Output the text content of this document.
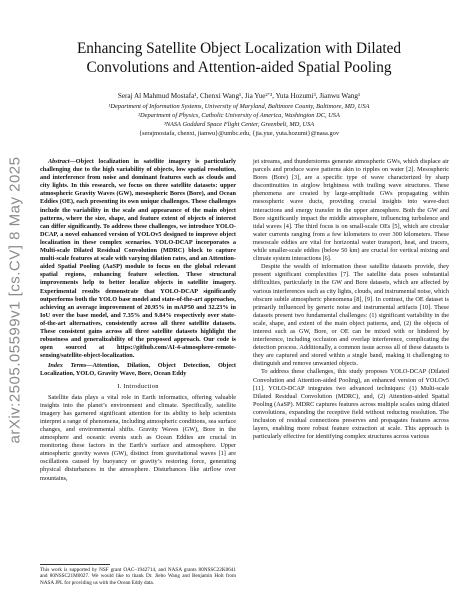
arXiv:2505.05599v1 [cs.CV] 8 May 2025
Enhancing Satellite Object Localization with Dilated Convolutions and Attention-aided Spatial Pooling
Seraj Al Mahmud Mostafa¹, Chenxi Wang¹, Jia Yue²ʼ³, Yuta Hozumi³, Jianwu Wang¹
¹Department of Information Systems, University of Maryland, Baltimore County, Baltimore, MD, USA
²Department of Physics, Catholic University of America, Washington DC, USA
³NASA Goddard Space Flight Center, Greenbelt, MD, USA
{serajmostafa, chenxi, jianwu}@umbc.edu, {jia.yue, yuta.hozumi}@nasa.gov
Abstract—Object localization in satellite imagery is particularly challenging due to the high variability of objects, low spatial resolution, and interference from noise and dominant features such as clouds and city lights. In this research, we focus on three satellite datasets: upper atmospheric Gravity Waves (GW), mesospheric Bores (Bore), and Ocean Eddies (OE), each presenting its own unique challenges. These challenges include the variability in the scale and appearance of the main object patterns, where the size, shape, and feature extent of objects of interest can differ significantly. To address these challenges, we introduce YOLO-DCAP, a novel enhanced version of YOLOv5 designed to improve object localization in these complex scenarios. YOLO-DCAP incorporates a Multi-scale Dilated Residual Convolution (MDRC) block to capture multi-scale features at scale with varying dilation rates, and an Attention-aided Spatial Pooling (AaSP) module to focus on the global relevant spatial regions, enhancing feature selection. These structural improvements help to better localize objects in satellite imagery. Experimental results demonstrate that YOLO-DCAP significantly outperforms both the YOLO base model and state-of-the-art approaches, achieving an average improvement of 20.95% in mAP50 and 32.23% in IoU over the base model, and 7.35% and 9.84% respectively over state-of-the-art alternatives, consistently across all three satellite datasets. These consistent gains across all three satellite datasets highlight the robustness and generalizability of the proposed approach. Our code is open sourced at https://github.com/AI-4-atmosphere-remote-sensing/satellite-object-localization.
Index Terms—Attention, Dilation, Object Detection, Object Localization, YOLO, Gravity Wave, Bore, Ocean Eddy
I. Introduction
Satellite data plays a vital role in Earth informatics, offering valuable insights into the planet’s environment and climate. Specifically, satellite imagery has garnered significant attention for its ability to help scientists interpret a range of phenomena, including atmospheric conditions, sea surface changes, and environmental shifts. Gravity Waves (GW), Bore in the atmosphere and oceanic events such as Ocean Eddies are crucial in monitoring these factors in the Earth’s surface and atmosphere. Upper atmospheric gravity waves (GW), distinct from gravitational waves [1] are oscillations caused by buoyancy or gravity’s restoring force, generating physical disturbances in the atmosphere. Disturbances like airflow over mountains,
This work is supported by NSF grant OAC–1942714, and NASA grants 80NSSC22K0641 and 80NSSC21M0027. We would like to thank Dr. Jiebo Wang and Benjamin Holt from NASA JPL for providing us with the Ocean Eddy data.
jet streams, and thunderstorms generate atmospheric GWs, which displace air parcels and produce wave patterns akin to ripples on water [2]. Mesospheric Bores (Bore) [3], are a specific type of wave characterized by sharp discontinuities in airglow brightness with trailing wave structures. These phenomena are created by large-amplitude GWs propagating within mesospheric wave ducts, providing crucial insights into wave-duct interactions and energy transfer in the upper atmosphere. Both the GW and Bore significantly impact the middle atmosphere, influencing turbulence and tidal waves [4]. The third focus is on small-scale OEs [5], which are circular water currents ranging from a few kilometers to over 300 kilometers. These mesoscale eddies are vital for horizontal water transport, heat, and tracers, while smaller-scale eddies (below 50 km) are crucial for vertical mixing and climate system interactions [6].
Despite the wealth of information these satellite datasets provide, they present significant complexities [7]. The satellite data poses substantial difficulties, particularly in the GW and Bore datasets, which are affected by various interferences such as city lights, clouds, and instrumental noise, which obscure subtle atmospheric phenomena [8], [9]. In contrast, the OE dataset is primarily influenced by generic noise and instrumental artifacts [10]. These datasets present two fundamental challenges: (1) significant variability in the scale, shape, and extent of the main object patterns, and, (2) the objects of interest such as GW, Bore, or OE can be mixed with or hindered by interference, including occlusion and overlap interference, complicating the detection process. Additionally, a common issue across all of these datasets is they are captured and stored within a single band, making it challenging to distinguish and remove unwanted objects.
To address these challenges, this study proposes YOLO-DCAP (Dilated Convolution and Attention-aided Pooling), an enhanced version of YOLOv5 [11]. YOLO-DCAP integrates two advanced techniques: (1) Multi-scale Dilated Residual Convolution (MDRC), and, (2) Attention-aided Spatial Pooling (AaSP). MDRC captures features across multiple scales using dilated convolutions, expanding the receptive field without reducing resolution. The inclusion of residual connections preserves and propagates features across layers, enabling more robust feature extraction at scale. This approach is particularly effective for identifying complex structures across various
